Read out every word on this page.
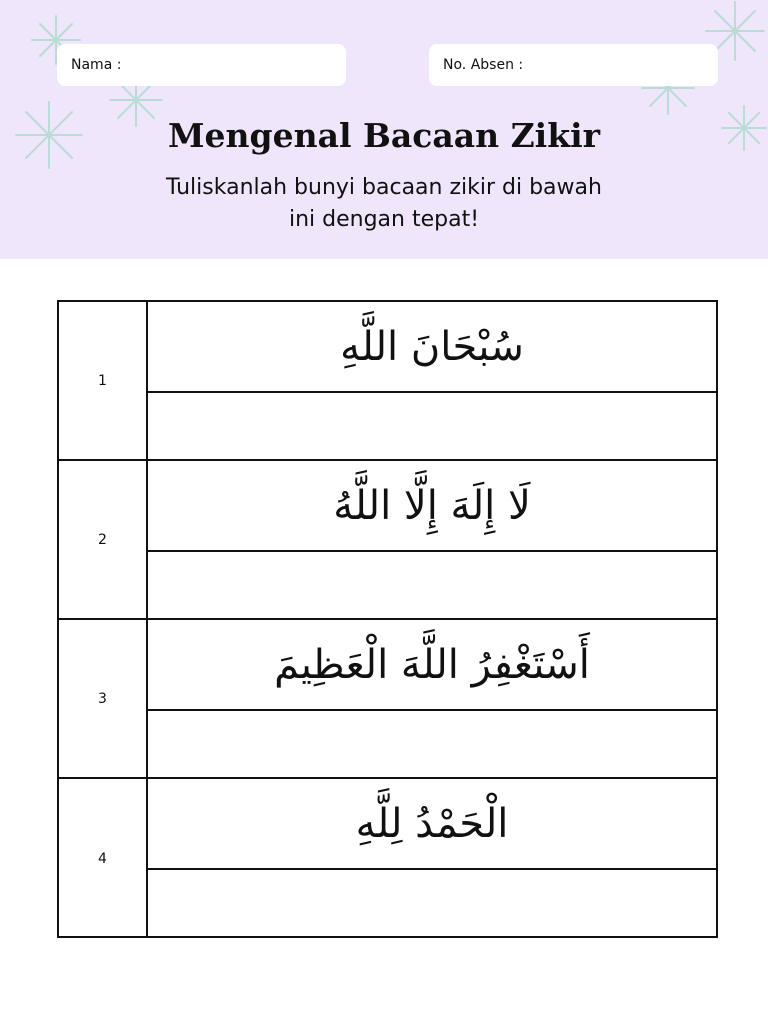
Nama :	No. Absen :
Mengenal Bacaan Zikir
Tuliskanlah bunyi bacaan zikir di bawah
ini dengan tepat!
1
سُبْحَانَ اللَّهِ
2
لَا إِلَهَ إِلَّا اللَّهُ
3
أَسْتَغْفِرُ اللَّهَ الْعَظِيمَ
4
الْحَمْدُ لِلَّهِ
